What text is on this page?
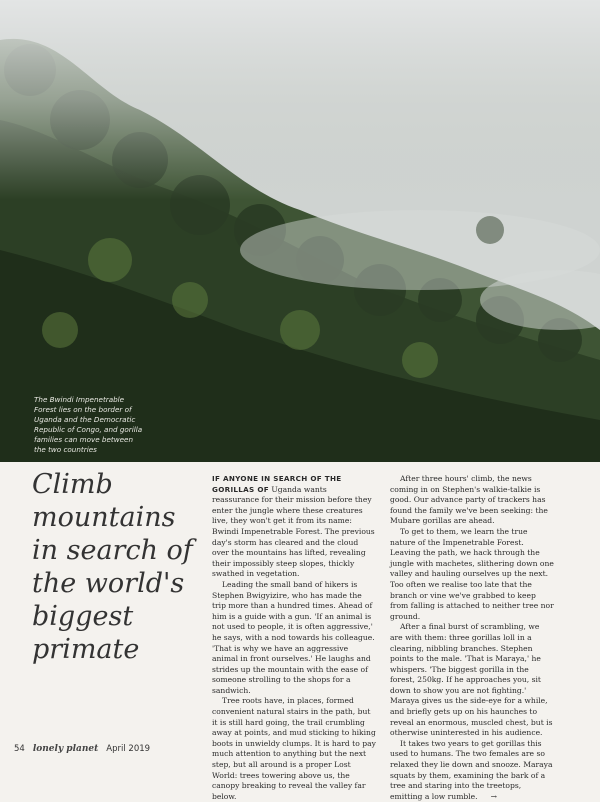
The Bwindi Impenetrable Forest lies on the border of Uganda and the Democratic Republic of Congo, and gorilla families can move between the two countries
Climb mountains in search of the world's biggest primate

IF ANYONE IN SEARCH OF THE GORILLAS OF Uganda wants reassurance for their mission before they enter the jungle where these creatures live, they won't get it from its name: Bwindi Impenetrable Forest. The previous day's storm has cleared and the cloud over the mountains has lifted, revealing their impossibly steep slopes, thickly swathed in vegetation.

Leading the small band of hikers is Stephen Bwigyizire, who has made the trip more than a hundred times. Ahead of him is a guide with a gun. 'If an animal is not used to people, it is often aggressive,' he says, with a nod towards his colleague. 'That is why we have an aggressive animal in front ourselves.' He laughs and strides up the mountain with the ease of someone strolling to the shops for a sandwich.

Tree roots have, in places, formed convenient natural stairs in the path, but it is still hard going, the trail crumbling away at points, and mud sticking to hiking boots in unwieldy clumps. It is hard to pay much attention to anything but the next step, but all around is a proper Lost World: trees towering above us, the canopy breaking to reveal the valley far below.

After three hours' climb, the news coming in on Stephen's walkie-talkie is good. Our advance party of trackers has found the family we've been seeking: the Mubare gorillas are ahead.

To get to them, we learn the true nature of the Impenetrable Forest. Leaving the path, we hack through the jungle with machetes, slithering down one valley and hauling ourselves up the next. Too often we realise too late that the branch or vine we've grabbed to keep from falling is attached to neither tree nor ground.

After a final burst of scrambling, we are with them: three gorillas loll in a clearing, nibbling branches. Stephen points to the male. 'That is Maraya,' he whispers. 'The biggest gorilla in the forest, 250kg. If he approaches you, sit down to show you are not fighting.' Maraya gives us the side-eye for a while, and briefly gets up on his haunches to reveal an enormous, muscled chest, but is otherwise uninterested in his audience.

It takes two years to get gorillas this used to humans. The two females are so relaxed they lie down and snooze. Maraya squats by them, examining the bark of a tree and staring into the treetops, emitting a low rumble. →

54 lonely planet April 2019
